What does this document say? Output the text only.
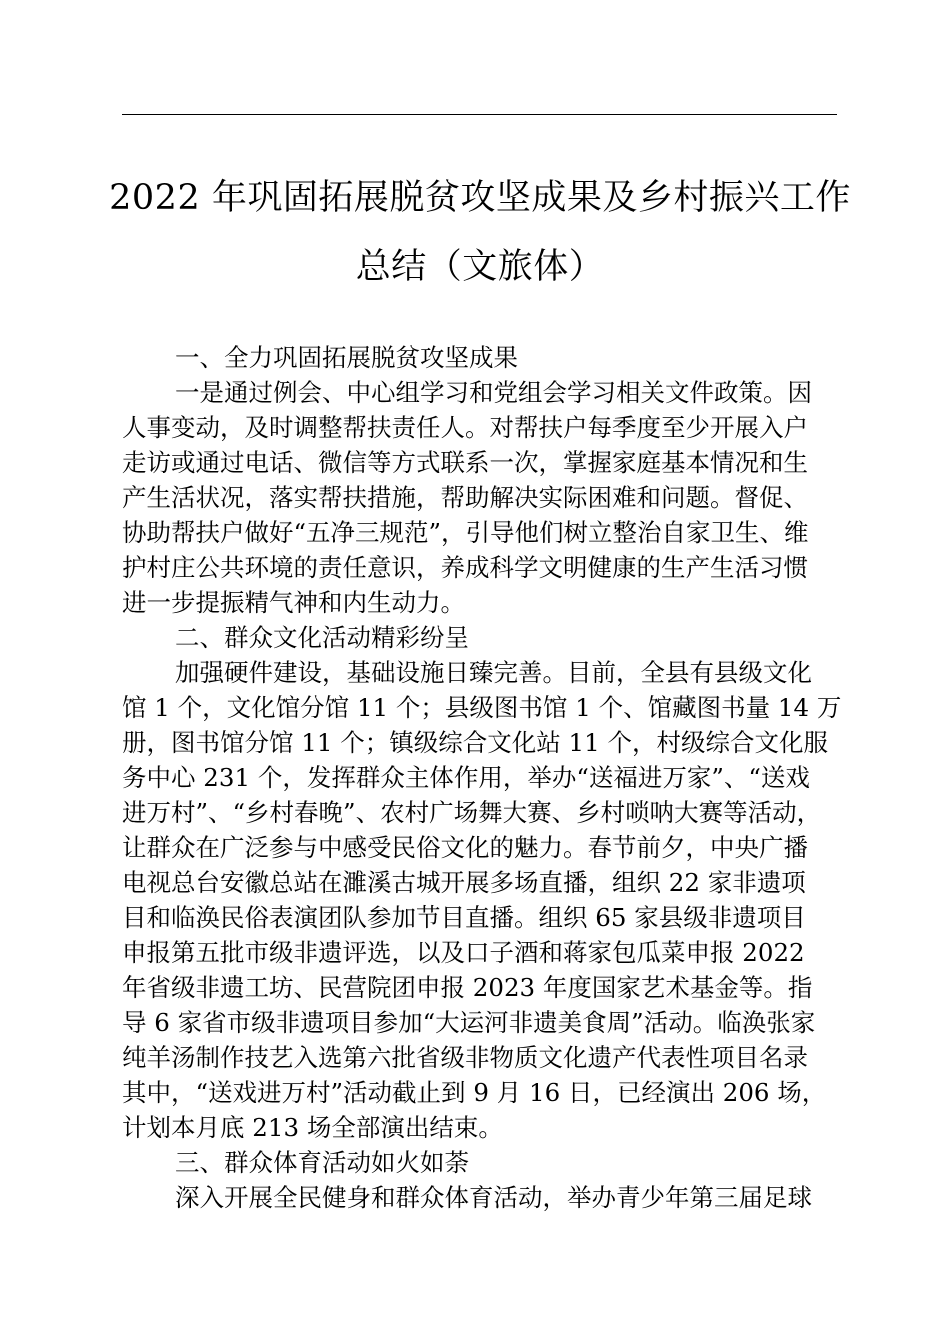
2022 年巩固拓展脱贫攻坚成果及乡村振兴工作
总结（文旅体）
一、全力巩固拓展脱贫攻坚成果
一是通过例会、中心组学习和党组会学习相关文件政策。因
人事变动，及时调整帮扶责任人。对帮扶户每季度至少开展入户
走访或通过电话、微信等方式联系一次，掌握家庭基本情况和生
产生活状况，落实帮扶措施，帮助解决实际困难和问题。督促、
协助帮扶户做好“五净三规范”，引导他们树立整治自家卫生、维
护村庄公共环境的责任意识，养成科学文明健康的生产生活习惯
进一步提振精气神和内生动力。
二、群众文化活动精彩纷呈
加强硬件建设，基础设施日臻完善。目前，全县有县级文化
馆 1 个，文化馆分馆 11 个；县级图书馆 1 个、馆藏图书量 14 万
册，图书馆分馆 11 个；镇级综合文化站 11 个，村级综合文化服
务中心 231 个，发挥群众主体作用，举办“送福进万家”、“送戏
进万村”、“乡村春晚”、农村广场舞大赛、乡村唢呐大赛等活动，
让群众在广泛参与中感受民俗文化的魅力。春节前夕，中央广播
电视总台安徽总站在濉溪古城开展多场直播，组织 22 家非遗项
目和临涣民俗表演团队参加节目直播。组织 65 家县级非遗项目
申报第五批市级非遗评选，以及口子酒和蒋家包瓜菜申报 2022
年省级非遗工坊、民营院团申报 2023 年度国家艺术基金等。指
导 6 家省市级非遗项目参加“大运河非遗美食周”活动。临涣张家
纯羊汤制作技艺入选第六批省级非物质文化遗产代表性项目名录
其中，“送戏进万村”活动截止到 9 月 16 日，已经演出 206 场，
计划本月底 213 场全部演出结束。
三、群众体育活动如火如荼
深入开展全民健身和群众体育活动，举办青少年第三届足球
